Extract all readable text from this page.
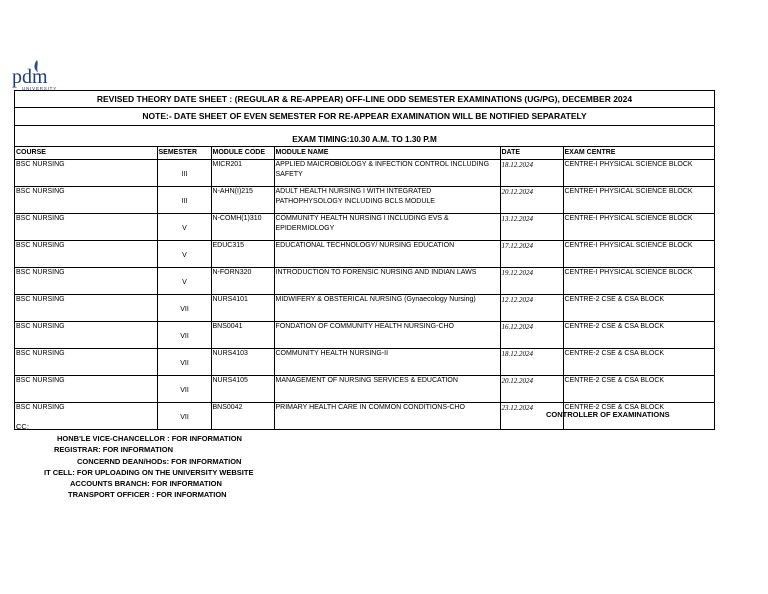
pdm
UNIVERSITY
REVISED THEORY DATE SHEET : (REGULAR & RE-APPEAR) OFF-LINE ODD SEMESTER EXAMINATIONS (UG/PG), DECEMBER 2024
NOTE:- DATE SHEET OF EVEN SEMESTER FOR RE-APPEAR EXAMINATION WILL BE NOTIFIED SEPARATELY
EXAM TIMING:10.30 A.M. TO 1.30 P.M
COURSE	SEMESTER	MODULE CODE	MODULE NAME	DATE	EXAM CENTRE
BSC NURSING	III	MICR201	APPLIED MAICROBIOLOGY & INFECTION CONTROL INCLUDING SAFETY	18.12.2024	CENTRE-I PHYSICAL SCIENCE BLOCK
BSC NURSING	III	N-AHN(I)215	ADULT HEALTH NURSING I WITH INTEGRATED PATHOPHYSOLOGY INCLUDING BCLS MODULE	20.12.2024	CENTRE-I PHYSICAL SCIENCE BLOCK
BSC NURSING	V	N-COMH(1)310	COMMUNITY HEALTH NURSING I INCLUDING EVS & EPIDERMIOLOGY	13.12.2024	CENTRE-I PHYSICAL SCIENCE BLOCK
BSC NURSING	V	EDUC315	EDUCATIONAL TECHNOLOGY/ NURSING EDUCATION	17.12.2024	CENTRE-I PHYSICAL SCIENCE BLOCK
BSC NURSING	V	N-FORN320	INTRODUCTION TO FORENSIC NURSING AND INDIAN LAWS	19.12.2024	CENTRE-I PHYSICAL SCIENCE BLOCK
BSC NURSING	VII	NURS4101	MIDWIFERY & OBSTERICAL NURSING (Gynaecology Nursing)	12.12.2024	CENTRE-2 CSE & CSA BLOCK
BSC NURSING	VII	BNS0041	FONDATION OF COMMUNITY HEALTH NURSING-CHO	16.12.2024	CENTRE-2 CSE & CSA BLOCK
BSC NURSING	VII	NURS4103	COMMUNITY HEALTH NURSING-II	18.12.2024	CENTRE-2 CSE & CSA BLOCK
BSC NURSING	VII	NURS4105	MANAGEMENT OF NURSING SERVICES & EDUCATION	20.12.2024	CENTRE-2 CSE & CSA BLOCK
BSC NURSING	VII	BNS0042	PRIMARY HEALTH CARE IN COMMON CONDITIONS-CHO	23.12.2024	CENTRE-2 CSE & CSA BLOCK
CONTROLLER OF EXAMINATIONS
CC:
HONB'LE VICE-CHANCELLOR : FOR INFORMATION
REGISTRAR: FOR INFORMATION
CONCERND DEAN/HODs: FOR INFORMATION
IT CELL: FOR UPLOADING ON THE UNIVERSITY WEBSITE
ACCOUNTS BRANCH: FOR INFORMATION
TRANSPORT OFFICER : FOR INFORMATION
